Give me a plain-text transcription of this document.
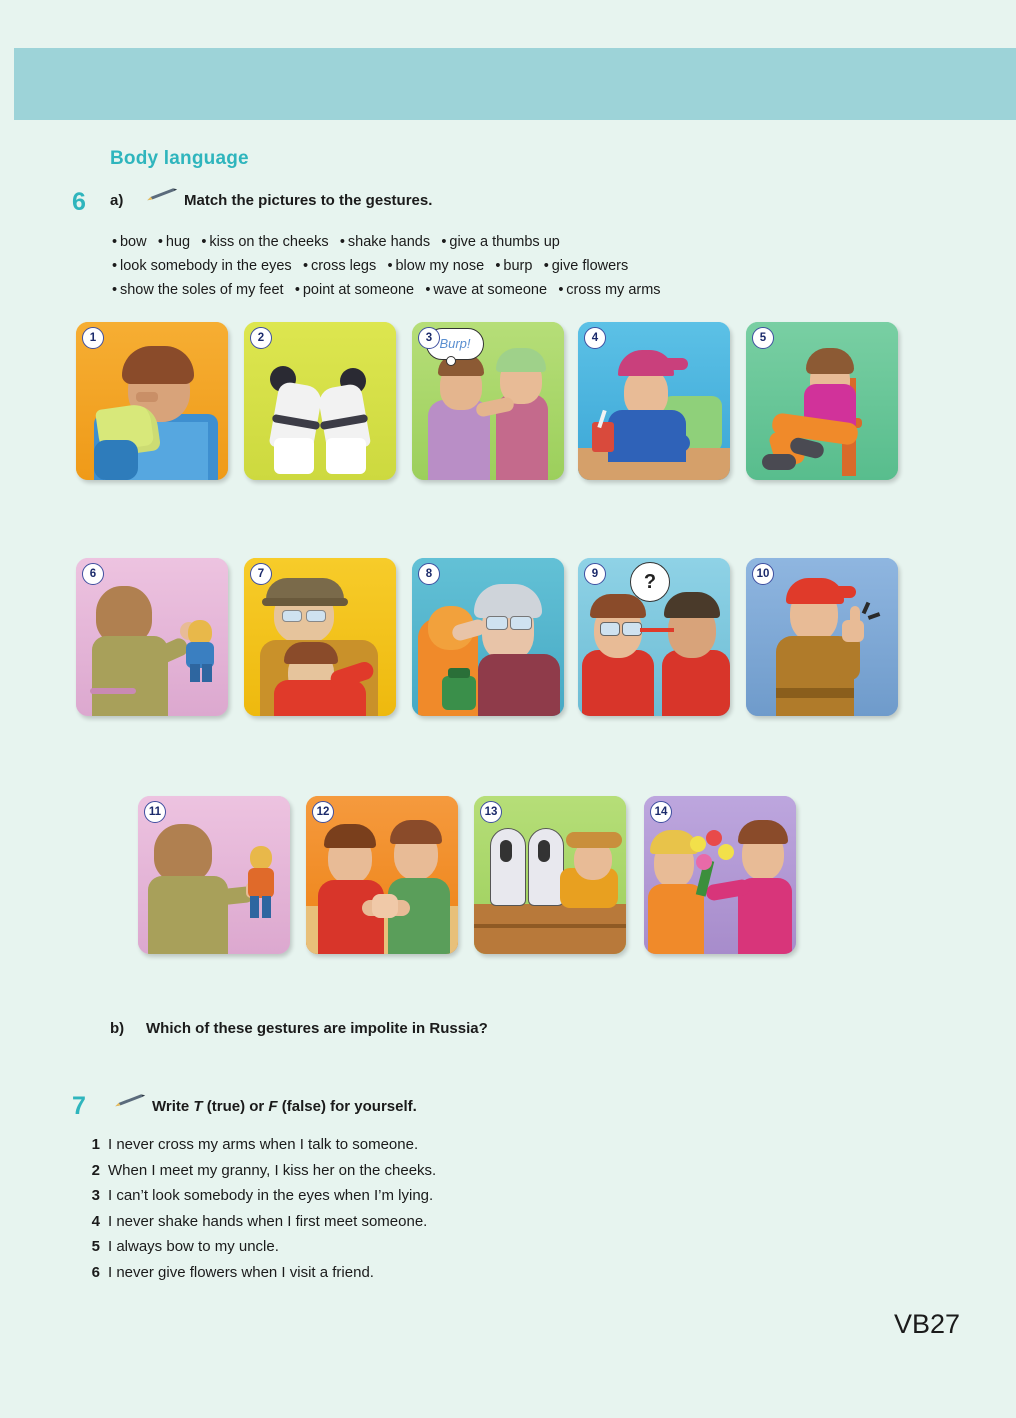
Body language
6 a)	Match the pictures to the gestures.
• bow  • hug  • kiss on the cheeks  • shake hands  • give a thumbs up
• look somebody in the eyes  • cross legs  • blow my nose  • burp  • give flowers
• show the soles of my feet  • point at someone  • wave at someone  • cross my arms
1	2	Burp!
3	4	5
6	7	8	?
9	10
11	12	13	14
b) Which of these gestures are impolite in Russia?
7	Write T (true) or F (false) for yourself.
1 I never cross my arms when I talk to someone.
2 When I meet my granny, I kiss her on the cheeks.
3 I can’t look somebody in the eyes when I’m lying.
4 I never shake hands when I first meet someone.
5 I always bow to my uncle.
6 I never give flowers when I visit a friend.
VB27
